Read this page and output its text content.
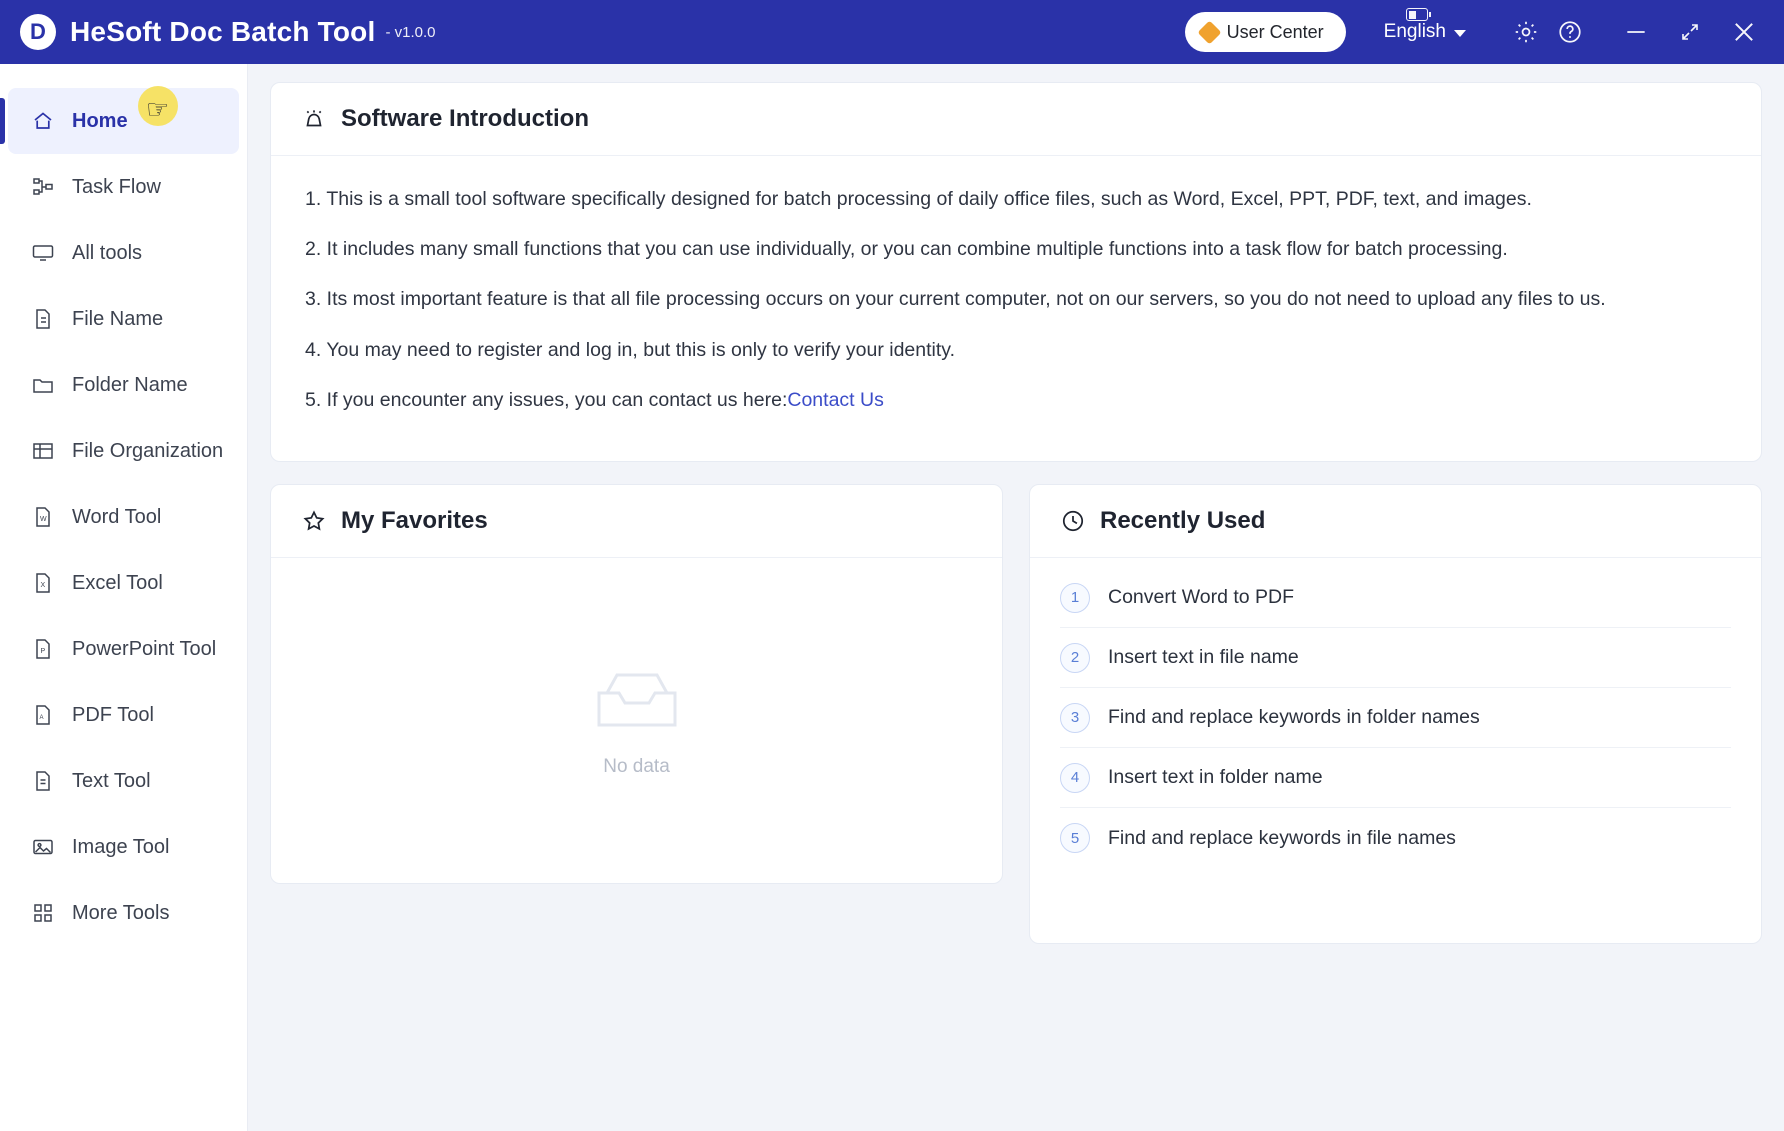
D HeSoft Doc Batch Tool - v1.0.0	User Center	English
Home ☞
Task Flow
All tools
File Name
Folder Name
File Organization
W Word Tool
X Excel Tool
P PowerPoint Tool
A PDF Tool
Text Tool
Image Tool
More Tools
Software Introduction

1. This is a small tool software specifically designed for batch processing of daily office files, such as Word, Excel, PPT, PDF, text, and images.

2. It includes many small functions that you can use individually, or you can combine multiple functions into a task flow for batch processing.

3. Its most important feature is that all file processing occurs on your current computer, not on our servers, so you do not need to upload any files to us.

4. You may need to register and log in, but this is only to verify your identity.

5. If you encounter any issues, you can contact us here:Contact Us

My Favorites
No data
Recently Used
1	Convert Word to PDF
2	Insert text in file name
3	Find and replace keywords in folder names
4	Insert text in folder name
5	Find and replace keywords in file names
